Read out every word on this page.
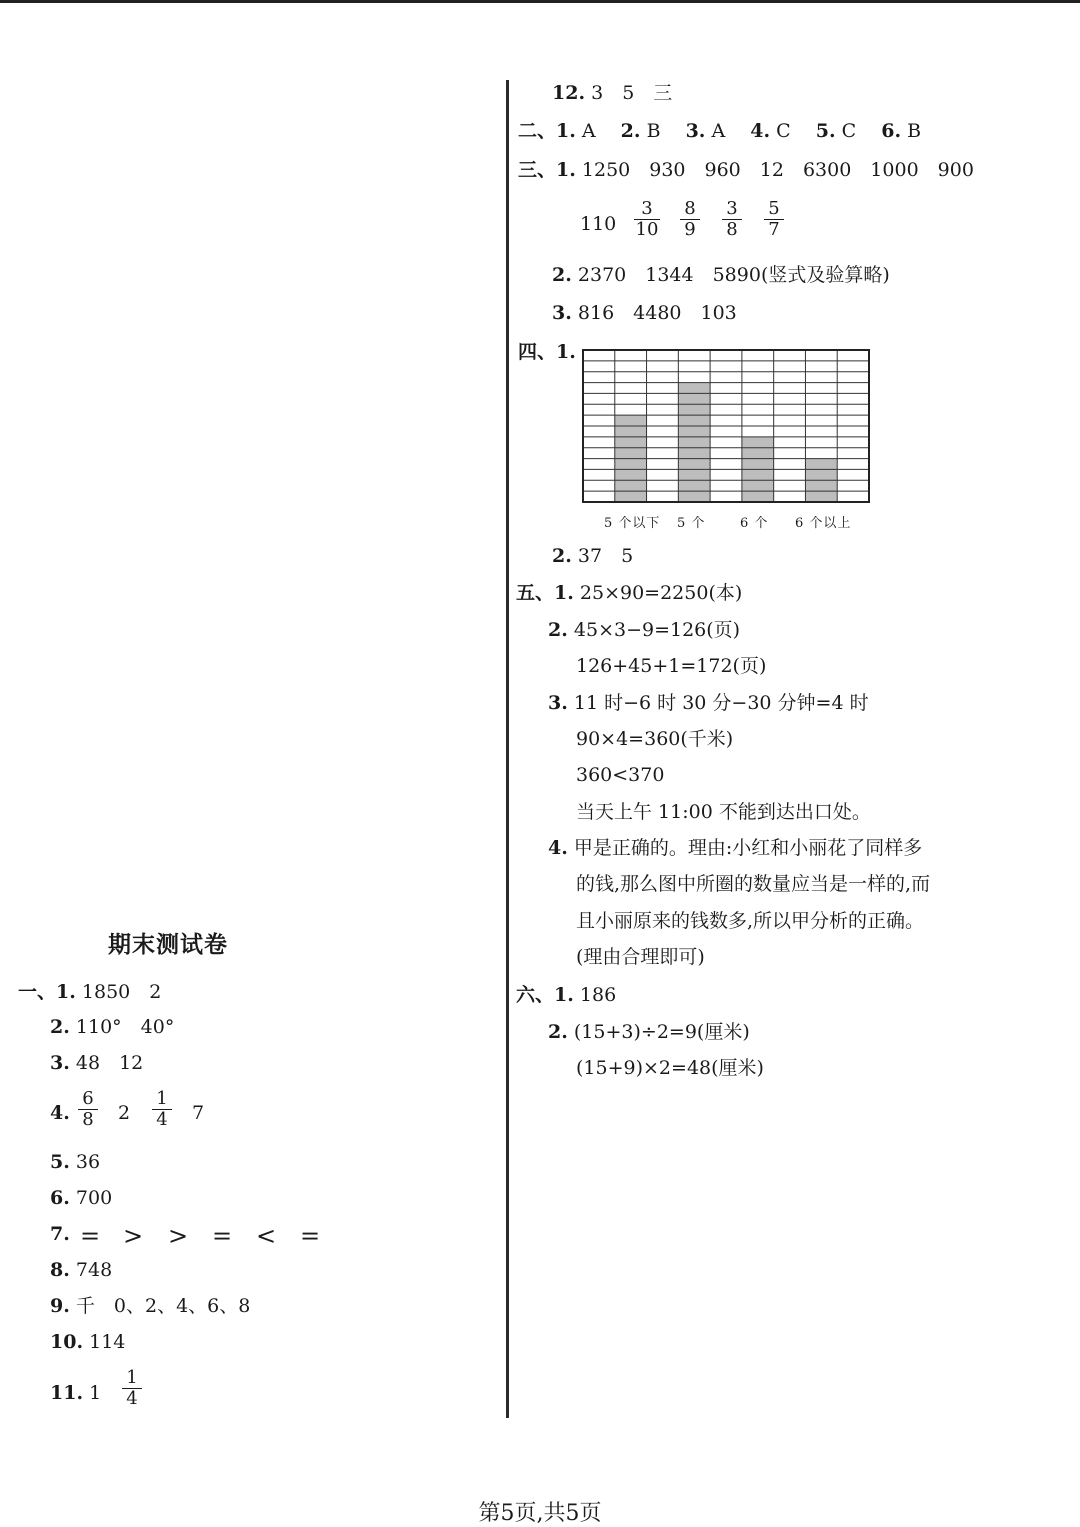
期末测试卷
一、1. 1850　2
2. 110°　40°
3. 48　12
4. $\frac{6}{8} 2 \frac{1}{4} 7$
5. 36
6. 700
7. = > > = < =
8. 748
9. 千　0、2、4、6、8
10. 114
11. $1 \frac{1}{4}$
12. 3　5　三
二、1. A　 2. B　 3. A　 4. C　 5. C　 6. B
三、1. 1250　930　960　12　6300　1000　900
$110 \frac{3}{10} \frac{8}{9} \frac{3}{8} \frac{5}{7}$
2. 2370　1344　5890(竖式及验算略)
3. 816　4480　103
四、1.
5 个以下 5 个	6 个 6 个以上
2. 37　5
五、1. 25×90=2250(本)
2. 45×3−9=126(页)
126+45+1=172(页)
3. 11 时−6 时 30 分−30 分钟=4 时
90×4=360(千米)
360<370
当天上午 11:00 不能到达出口处。
4. 甲是正确的。理由:小红和小丽花了同样多
的钱,那么图中所圈的数量应当是一样的,而
且小丽原来的钱数多,所以甲分析的正确。
(理由合理即可)
六、1. 186
2. (15+3)÷2=9(厘米)
(15+9)×2=48(厘米)
第5页,共5页
